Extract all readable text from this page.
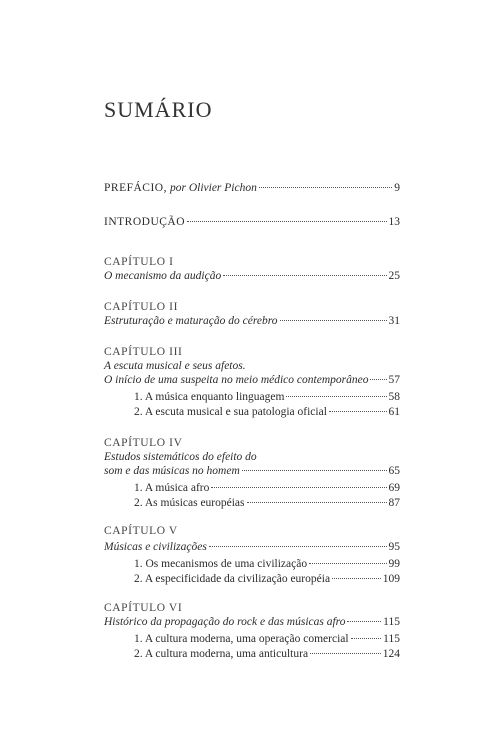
SUMÁRIO
PREFÁCIO, por Olivier Pichon	9
INTRODUÇÃO	13
CAPÍTULO I
O mecanismo da audição	25
CAPÍTULO II
Estruturação e maturação do cérebro	31
CAPÍTULO III
A escuta musical e seus afetos.
O início de uma suspeita no meio médico contemporâneo 57
1. A música enquanto linguagem	58
2. A escuta musical e sua patologia oficial	61
CAPÍTULO IV
Estudos sistemáticos do efeito do
som e das músicas no homem	65
1. A música afro	69
2. As músicas européias	87
CAPÍTULO V
Músicas e civilizações	95
1. Os mecanismos de uma civilização	99
2. A especificidade da civilização européia	109
CAPÍTULO VI
Histórico da propagação do rock e das músicas afro	115
1. A cultura moderna, uma operação comercial	115
2. A cultura moderna, uma anticultura	124
